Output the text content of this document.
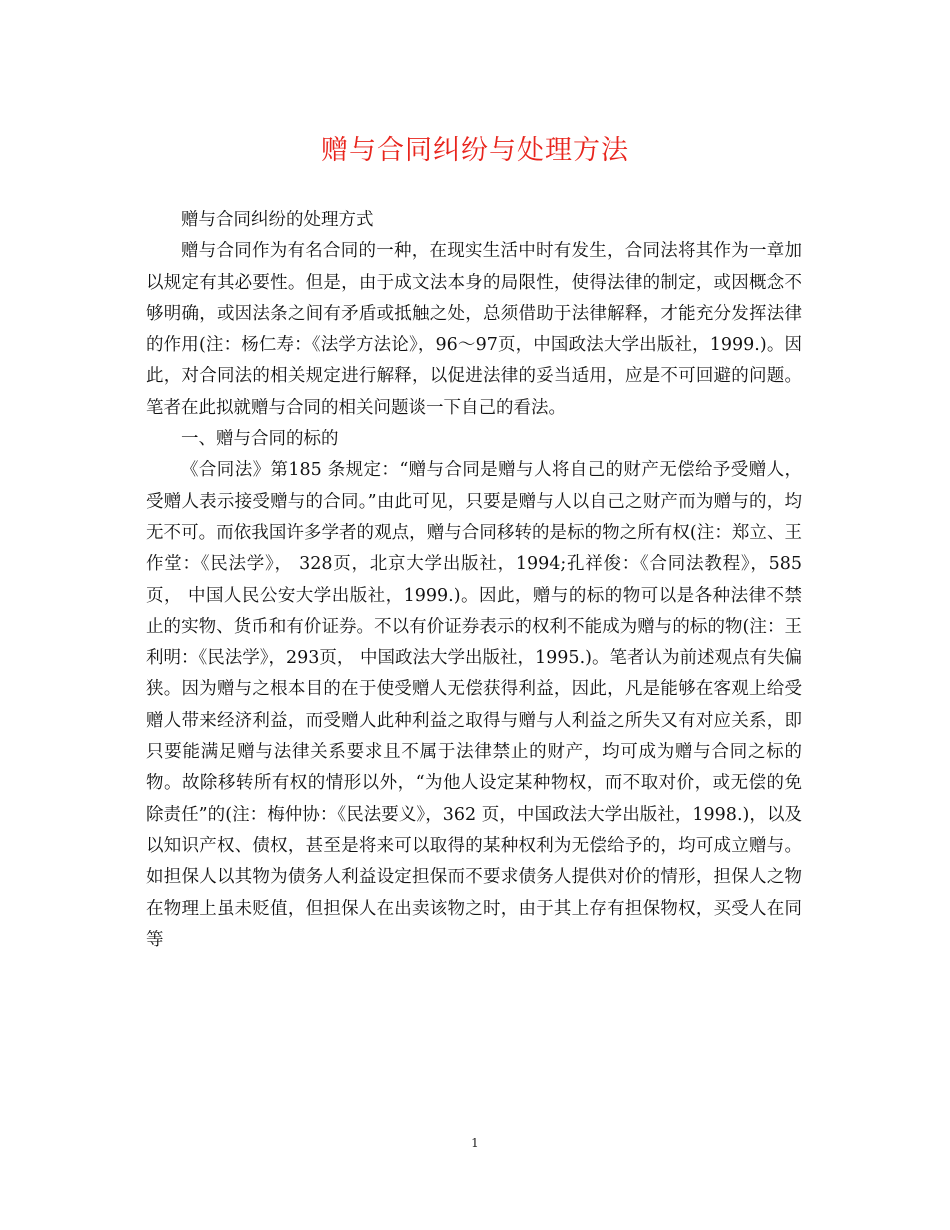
赠与合同纠纷与处理方法

赠与合同纠纷的处理方式

赠与合同作为有名合同的一种，在现实生活中时有发生，合同法将其作为一章加以规定有其必要性。但是，由于成文法本身的局限性，使得法律的制定，或因概念不够明确，或因法条之间有矛盾或抵触之处，总须借助于法律解释，才能充分发挥法律的作用(注：杨仁寿：《法学方法论》，96～97页，中国政法大学出版社，1999.)。因此，对合同法的相关规定进行解释，以促进法律的妥当适用，应是不可回避的问题。笔者在此拟就赠与合同的相关问题谈一下自己的看法。

一、赠与合同的标的

《合同法》第185 条规定：“赠与合同是赠与人将自己的财产无偿给予受赠人，受赠人表示接受赠与的合同。”由此可见，只要是赠与人以自己之财产而为赠与的，均无不可。而依我国许多学者的观点，赠与合同移转的是标的物之所有权(注：郑立、王作堂：《民法学》， 328页，北京大学出版社，1994;孔祥俊：《合同法教程》，585页， 中国人民公安大学出版社，1999.)。因此，赠与的标的物可以是各种法律不禁止的实物、货币和有价证券。不以有价证券表示的权利不能成为赠与的标的物(注：王利明：《民法学》，293页， 中国政法大学出版社，1995.)。笔者认为前述观点有失偏狭。因为赠与之根本目的在于使受赠人无偿获得利益，因此，凡是能够在客观上给受赠人带来经济利益，而受赠人此种利益之取得与赠与人利益之所失又有对应关系，即只要能满足赠与法律关系要求且不属于法律禁止的财产，均可成为赠与合同之标的物。故除移转所有权的情形以外，“为他人设定某种物权，而不取对价，或无偿的免除责任”的(注：梅仲协：《民法要义》，362 页，中国政法大学出版社，1998.)，以及以知识产权、债权，甚至是将来可以取得的某种权利为无偿给予的，均可成立赠与。如担保人以其物为债务人利益设定担保而不要求债务人提供对价的情形，担保人之物在物理上虽未贬值，但担保人在出卖该物之时，由于其上存有担保物权，买受人在同等

1
